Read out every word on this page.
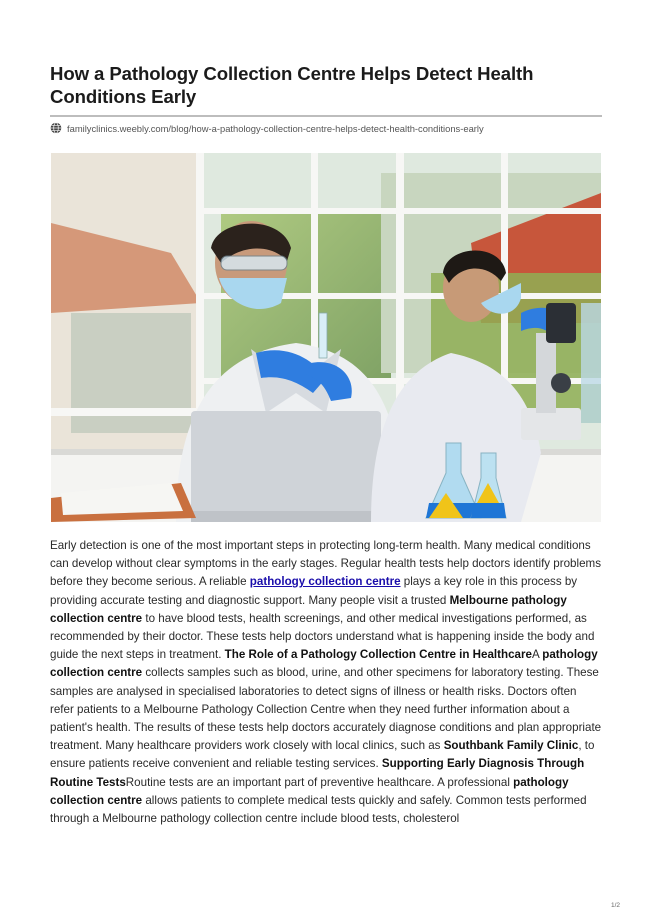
How a Pathology Collection Centre Helps Detect Health Conditions Early
familyclinics.weebly.com/blog/how-a-pathology-collection-centre-helps-detect-health-conditions-early
Early detection is one of the most important steps in protecting long-term health. Many medical conditions can develop without clear symptoms in the early stages. Regular health tests help doctors identify problems before they become serious. A reliable pathology collection centre plays a key role in this process by providing accurate testing and diagnostic support. Many people visit a trusted Melbourne pathology collection centre to have blood tests, health screenings, and other medical investigations performed, as recommended by their doctor. These tests help doctors understand what is happening inside the body and guide the next steps in treatment. The Role of a Pathology Collection Centre in HealthcareA pathology collection centre collects samples such as blood, urine, and other specimens for laboratory testing. These samples are analysed in specialised laboratories to detect signs of illness or health risks. Doctors often refer patients to a Melbourne Pathology Collection Centre when they need further information about a patient's health. The results of these tests help doctors accurately diagnose conditions and plan appropriate treatment. Many healthcare providers work closely with local clinics, such as Southbank Family Clinic, to ensure patients receive convenient and reliable testing services. Supporting Early Diagnosis Through Routine TestsRoutine tests are an important part of preventive healthcare. A professional pathology collection centre allows patients to complete medical tests quickly and safely. Common tests performed through a Melbourne pathology collection centre include blood tests, cholesterol
1/2
